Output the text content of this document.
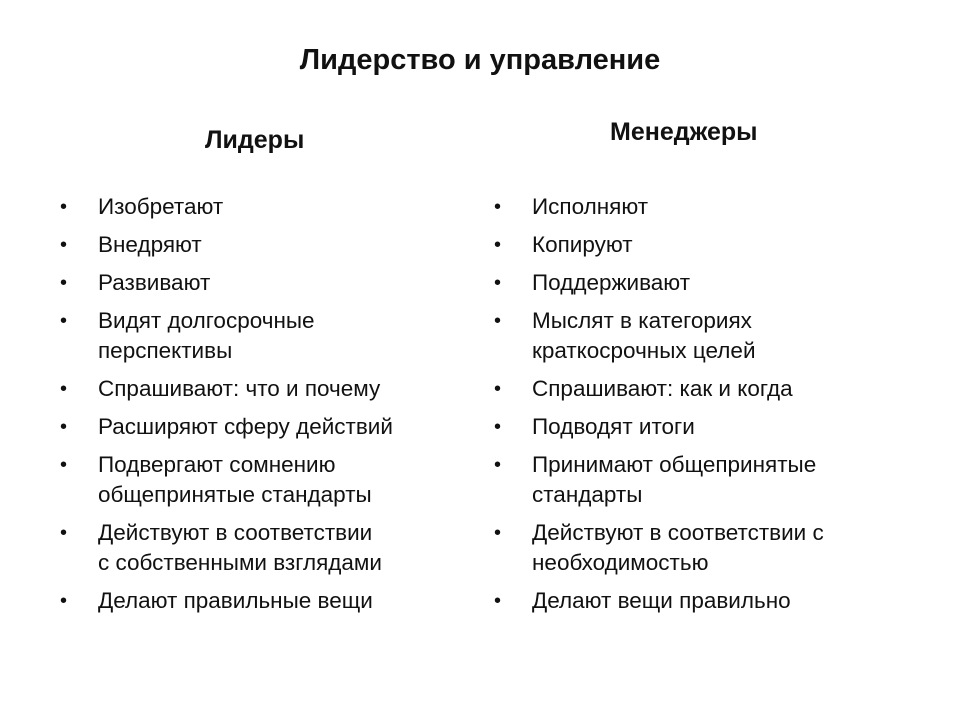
Лидерство и управление
Лидеры	Менеджеры
• Изобретают
• Внедряют
• Развивают
• Видят долгосрочные
перспективы
• Спрашивают: что и почему
• Расширяют сферу действий
• Подвергают сомнению
общепринятые стандарты
• Действуют в соответствии
с собственными взглядами
• Делают правильные вещи
• Исполняют
• Копируют
• Поддерживают
• Мыслят в категориях
краткосрочных целей
• Спрашивают: как и когда
• Подводят итоги
• Принимают общепринятые
стандарты
• Действуют в соответствии с
необходимостью
• Делают вещи правильно
